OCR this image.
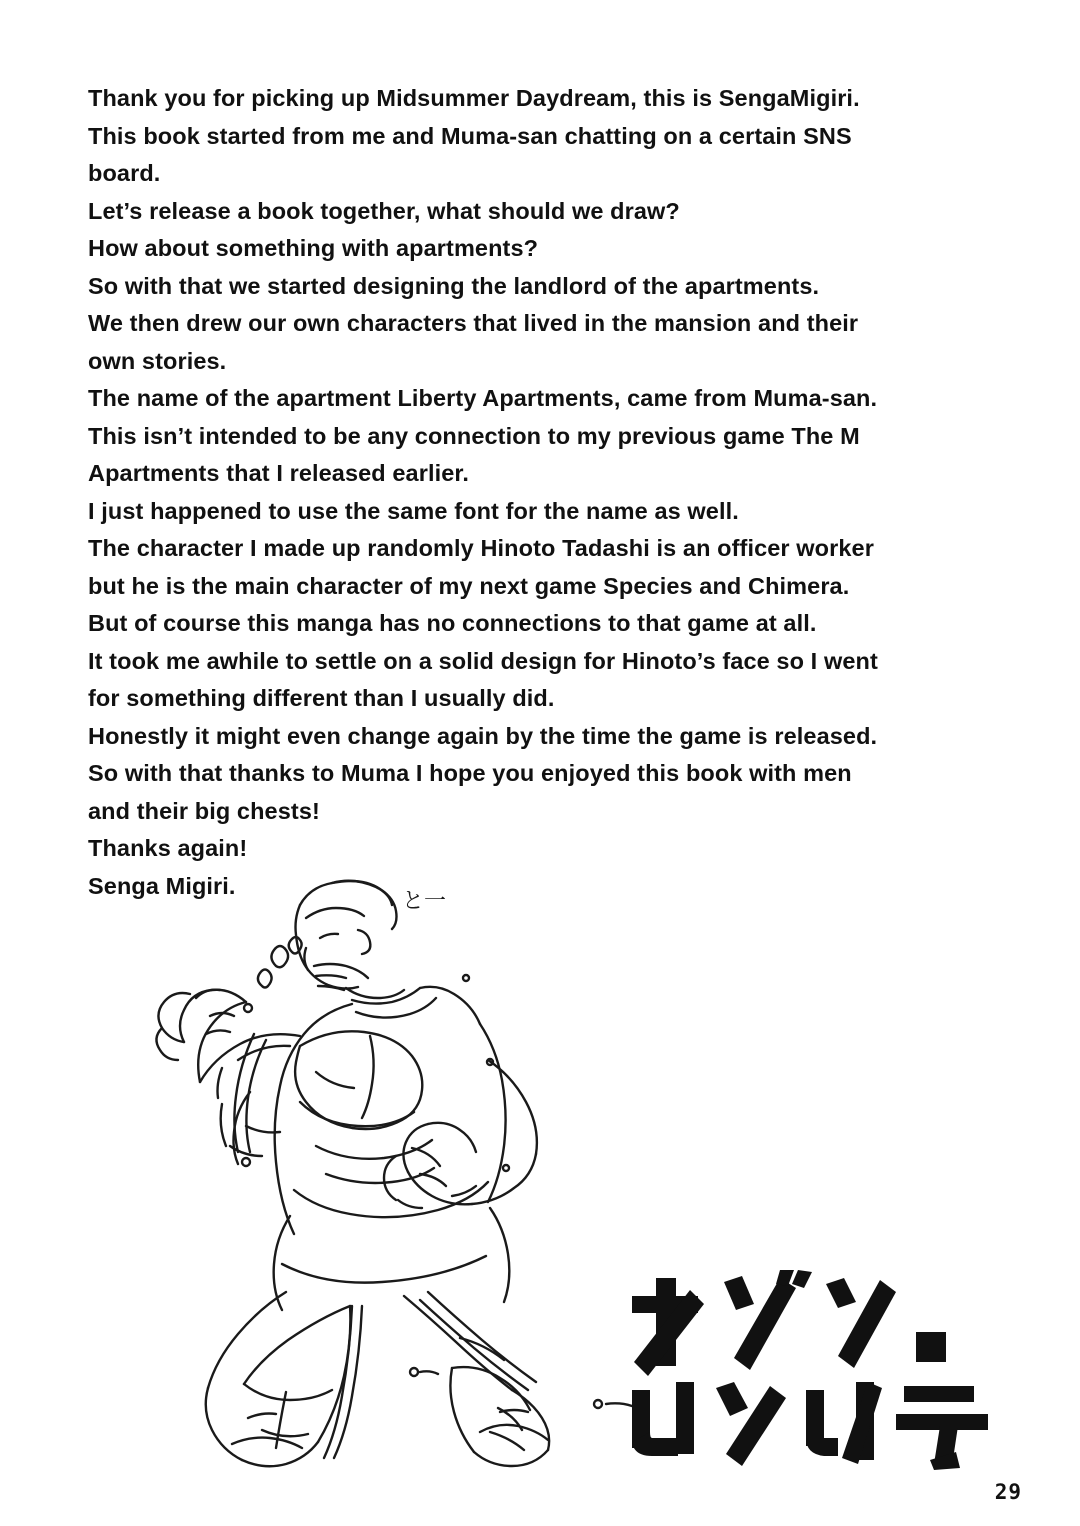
Thank you for picking up Midsummer Daydream, this is SengaMigiri.

This book started from me and Muma-san chatting on a certain SNS board.

Let’s release a book together, what should we draw?

How about something with apartments?

So with that we started designing the landlord of the apartments.

We then drew our own characters that lived in the mansion and their own stories.

The name of the apartment Liberty Apartments, came from Muma-san. This isn’t intended to be any connection to my previous game The M Apartments that I released earlier.

I just happened to use the same font for the name as well.

The character I made up randomly Hinoto Tadashi is an officer worker but he is the main character of my next game Species and Chimera. But of course this manga has no connections to that game at all.

It took me awhile to settle on a solid design for Hinoto’s face so I went for something different than I usually did.

Honestly it might even change again by the time the game is released.

So with that thanks to Muma I hope you enjoyed this book with men and their big chests!

Thanks again!

Senga Migiri.

と一
29
